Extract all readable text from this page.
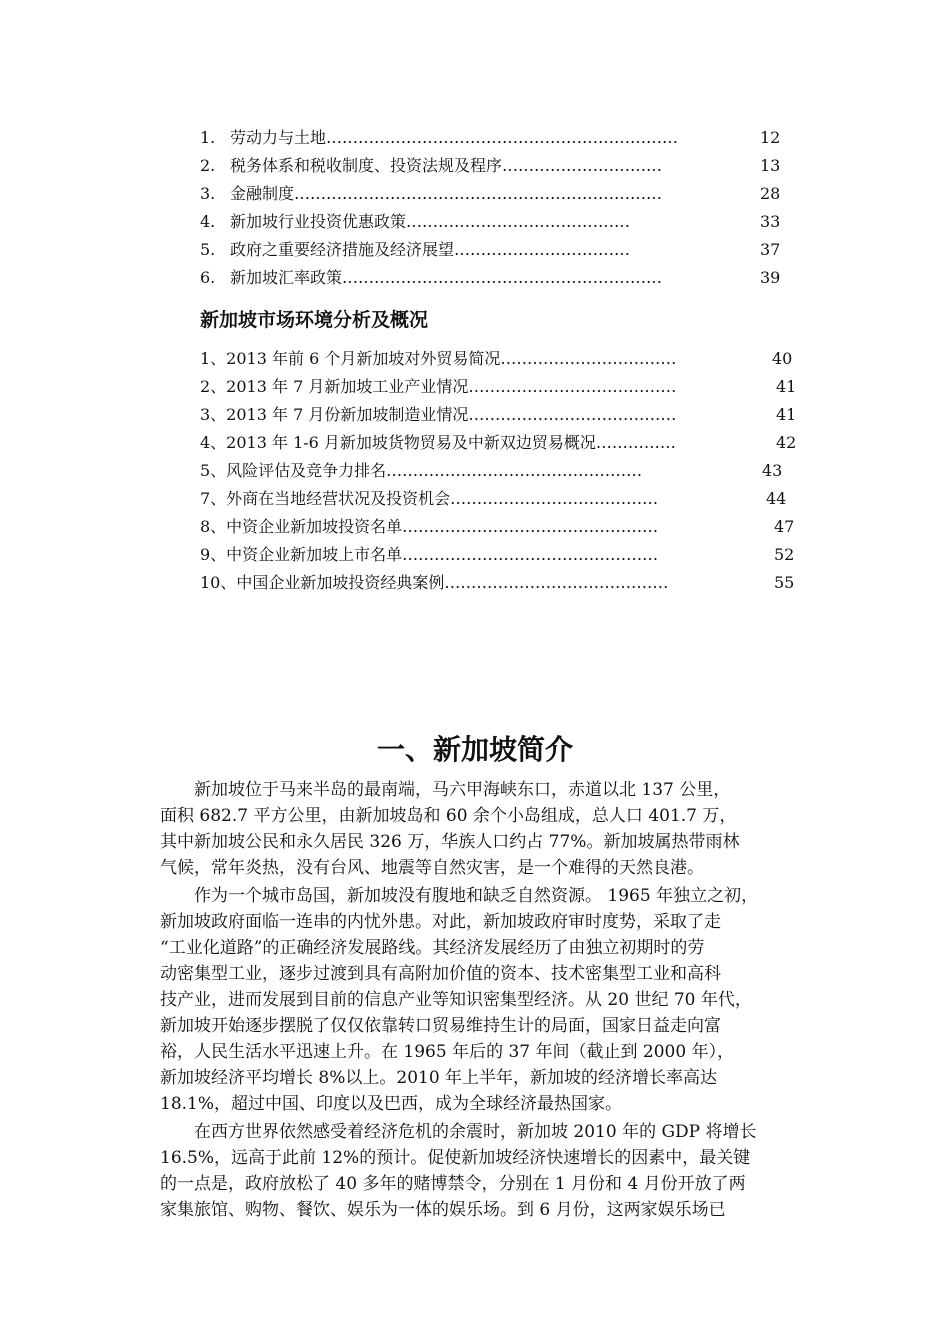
1. 劳动力与土地…………………………………………………………	12
2. 税务体系和税收制度、投资法规及程序…………………………	13
3. 金融制度……………………………………………………………	28
4. 新加坡行业投资优惠政策……………………………………	33
5. 政府之重要经济措施及经济展望……………………………	37
6. 新加坡汇率政策……………………………………………………	39
新加坡市场环境分析及概况
1、2013 年前 6 个月新加坡对外贸易简况……………………………	40
2、2013 年 7 月新加坡工业产业情况…………………………………	41
3、2013 年 7 月份新加坡制造业情况…………………………………	41
4、2013 年 1-6 月新加坡货物贸易及中新双边贸易概况……………	42
5、风险评估及竞争力排名…………………………………………	43
7、外商在当地经营状况及投资机会…………………………………	44
8、中资企业新加坡投资名单…………………………………………	47
9、中资企业新加坡上市名单…………………………………………	52
10、中国企业新加坡投资经典案例……………………………………	55
一、新加坡简介
　　新加坡位于马来半岛的最南端，马六甲海峡东口，赤道以北 137 公里，
面积 682.7 平方公里，由新加坡岛和 60 余个小岛组成，总人口 401.7 万，
其中新加坡公民和永久居民 326 万，华族人口约占 77%。新加坡属热带雨林
气候，常年炎热，没有台风、地震等自然灾害，是一个难得的天然良港。
　　作为一个城市岛国，新加坡没有腹地和缺乏自然资源。 1965 年独立之初，
新加坡政府面临一连串的内忧外患。对此，新加坡政府审时度势，采取了走
“工业化道路”的正确经济发展路线。其经济发展经历了由独立初期时的劳
动密集型工业，逐步过渡到具有高附加价值的资本、技术密集型工业和高科
技产业，进而发展到目前的信息产业等知识密集型经济。从 20 世纪 70 年代，
新加坡开始逐步摆脱了仅仅依靠转口贸易维持生计的局面，国家日益走向富
裕，人民生活水平迅速上升。在 1965 年后的 37 年间（截止到 2000 年），
新加坡经济平均增长 8%以上。2010 年上半年，新加坡的经济增长率高达
18.1%，超过中国、印度以及巴西，成为全球经济最热国家。
　　在西方世界依然感受着经济危机的余震时，新加坡 2010 年的 GDP 将增长
16.5%，远高于此前 12%的预计。促使新加坡经济快速增长的因素中，最关键
的一点是，政府放松了 40 多年的赌博禁令，分别在 1 月份和 4 月份开放了两
家集旅馆、购物、餐饮、娱乐为一体的娱乐场。到 6 月份，这两家娱乐场已
